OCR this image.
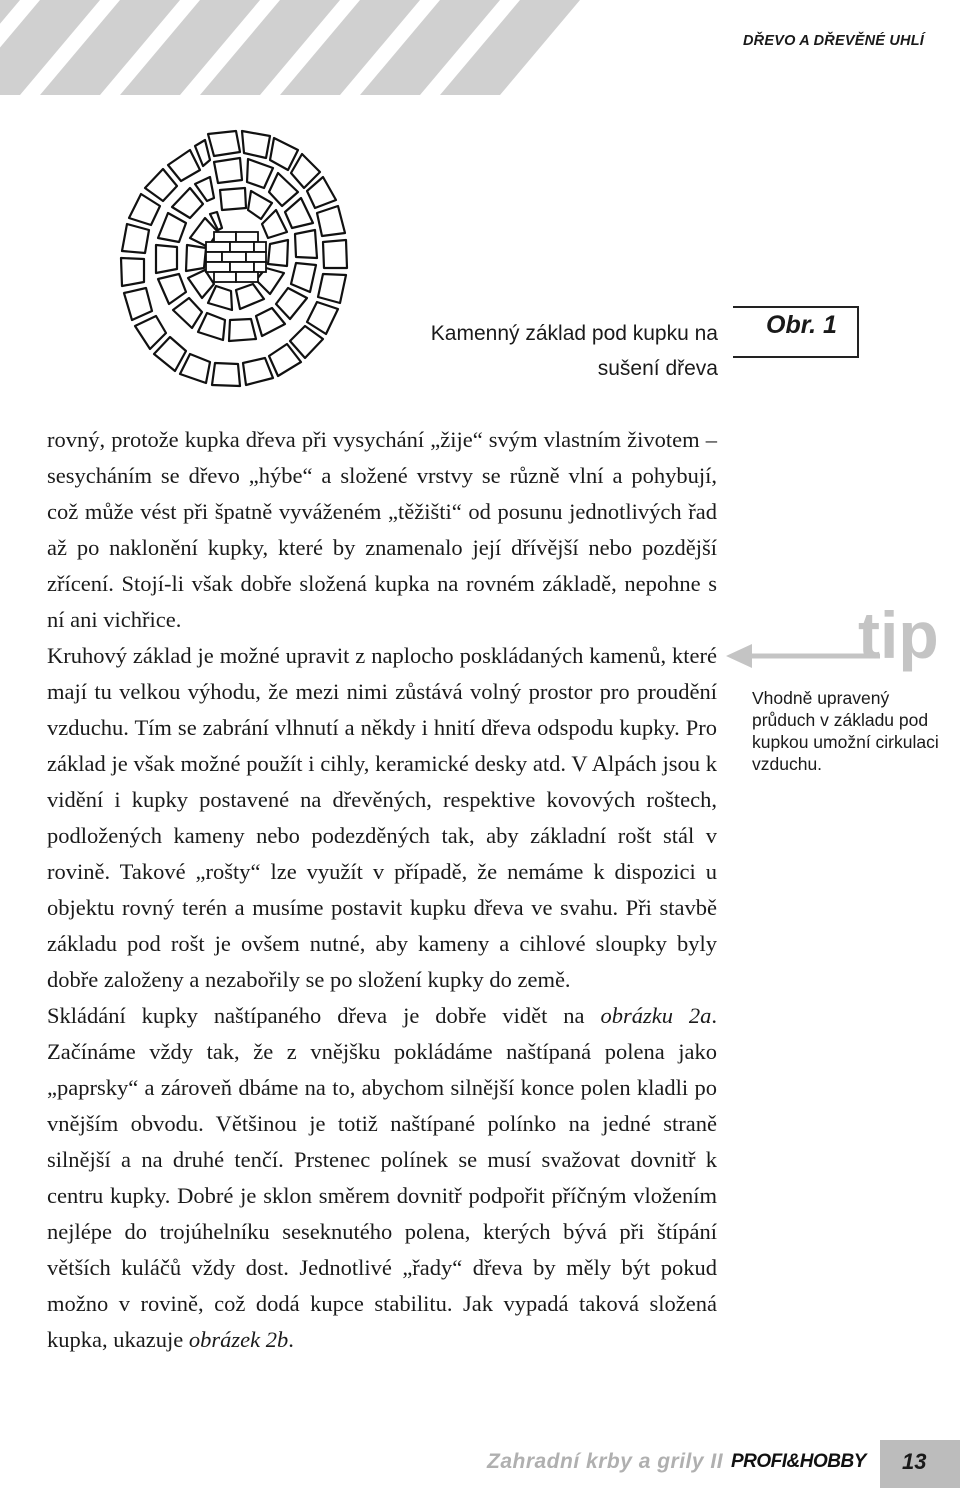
DŘEVO A DŘEVĚNÉ UHLÍ
Kamenný základ pod kupku na
sušení dřeva
Obr. 1

rovný, protože kupka dřeva při vysychání „žije“ svým vlastním životem – sesycháním se dřevo „hýbe“ a složené vrstvy se různě vlní a pohybují, což může vést při špatně vyváženém „těžišti“ od posunu jednotlivých řad až po naklonění kupky, které by znamenalo její dřívější nebo pozdější zřícení. Stojí-li však dobře složená kupka na rovném základě, nepohne s ní ani vichřice.

Kruhový základ je možné upravit z naplocho poskládaných kamenů, které mají tu velkou výhodu, že mezi nimi zůstává volný prostor pro proudění vzduchu. Tím se zabrání vlhnutí a někdy i hnití dřeva odspodu kupky. Pro základ je však možné použít i cihly, keramické desky atd. V Alpách jsou k vidění i kupky postavené na dřevěných, respektive kovových roštech, podložených kameny nebo podezděných tak, aby základní rošt stál v rovině. Takové „rošty“ lze využít v případě, že nemáme k dispozici u objektu rovný terén a musíme postavit kupku dřeva ve svahu. Při stavbě základu pod rošt je ovšem nutné, aby kameny a cihlové sloupky byly dobře založeny a nezabořily se po složení kupky do země.

Skládání kupky naštípaného dřeva je dobře vidět na obrázku 2a. Začínáme vždy tak, že z vnějšku pokládáme naštípaná polena jako „paprsky“ a zároveň dbáme na to, abychom silnější konce polen kladli po vnějším obvodu. Většinou je totiž naštípané polínko na jedné straně silnější a na druhé tenčí. Prstenec polínek se musí svažovat dovnitř k centru kupky. Dobré je sklon směrem dovnitř podpořit příčným vložením nejlépe do trojúhelníku seseknutého polena, kterých bývá při štípání větších kuláčů vždy dost. Jednotlivé „řady“ dřeva by měly být pokud možno v rovině, což dodá kupce stabilitu. Jak vypadá taková složená kupka, ukazuje obrázek 2b.

tip
Vhodně upravený průduch v základu pod kupkou umožní cirkulaci vzduchu.
Zahradní krby a grily II PROFI&HOBBY 13
